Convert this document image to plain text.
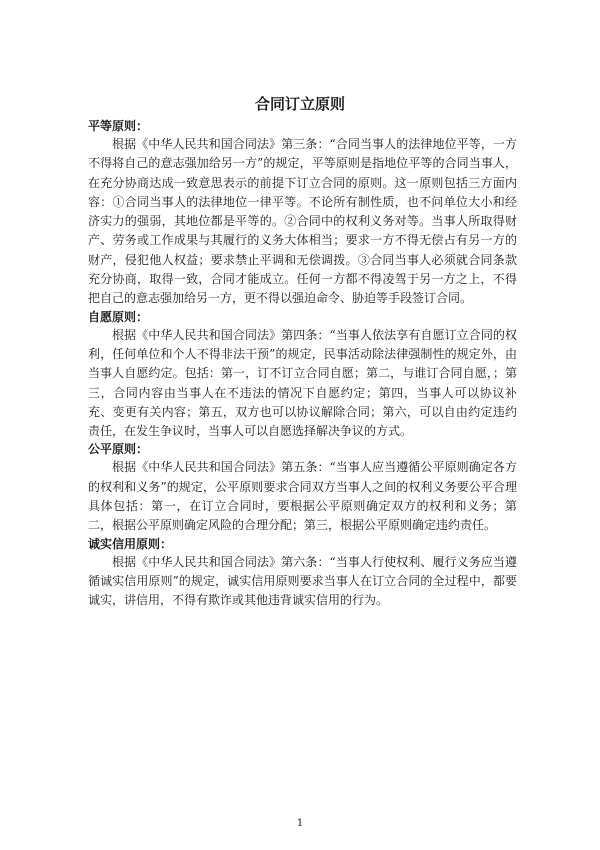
合同订立原则
平等原则：

根据《中华人民共和国合同法》第三条：“合同当事人的法律地位平等，一方不得将自己的意志强加给另一方”的规定，平等原则是指地位平等的合同当事人，在充分协商达成一致意思表示的前提下订立合同的原则。这一原则包括三方面内容：①合同当事人的法律地位一律平等。不论所有制性质，也不问单位大小和经济实力的强弱，其地位都是平等的。②合同中的权利义务对等。当事人所取得财产、劳务或工作成果与其履行的义务大体相当；要求一方不得无偿占有另一方的财产，侵犯他人权益；要求禁止平调和无偿调拨。③合同当事人必须就合同条款充分协商，取得一致，合同才能成立。任何一方都不得凌驾于另一方之上，不得把自己的意志强加给另一方，更不得以强迫命令、胁迫等手段签订合同。

自愿原则：

根据《中华人民共和国合同法》第四条：“当事人依法享有自愿订立合同的权利，任何单位和个人不得非法干预”的规定，民事活动除法律强制性的规定外，由当事人自愿约定。包括：第一，订不订立合同自愿；第二，与谁订合同自愿，；第三，合同内容由当事人在不违法的情况下自愿约定；第四，当事人可以协议补充、变更有关内容；第五，双方也可以协议解除合同；第六，可以自由约定违约责任，在发生争议时，当事人可以自愿选择解决争议的方式。

公平原则：

根据《中华人民共和国合同法》第五条：“当事人应当遵循公平原则确定各方的权利和义务”的规定，公平原则要求合同双方当事人之间的权利义务要公平合理具体包括：第一，在订立合同时，要根据公平原则确定双方的权利和义务；第二，根据公平原则确定风险的合理分配；第三，根据公平原则确定违约责任。

诚实信用原则：

根据《中华人民共和国合同法》第六条：“当事人行使权利、履行义务应当遵循诚实信用原则”的规定，诚实信用原则要求当事人在订立合同的全过程中，都要诚实，讲信用，不得有欺诈或其他违背诚实信用的行为。

1
